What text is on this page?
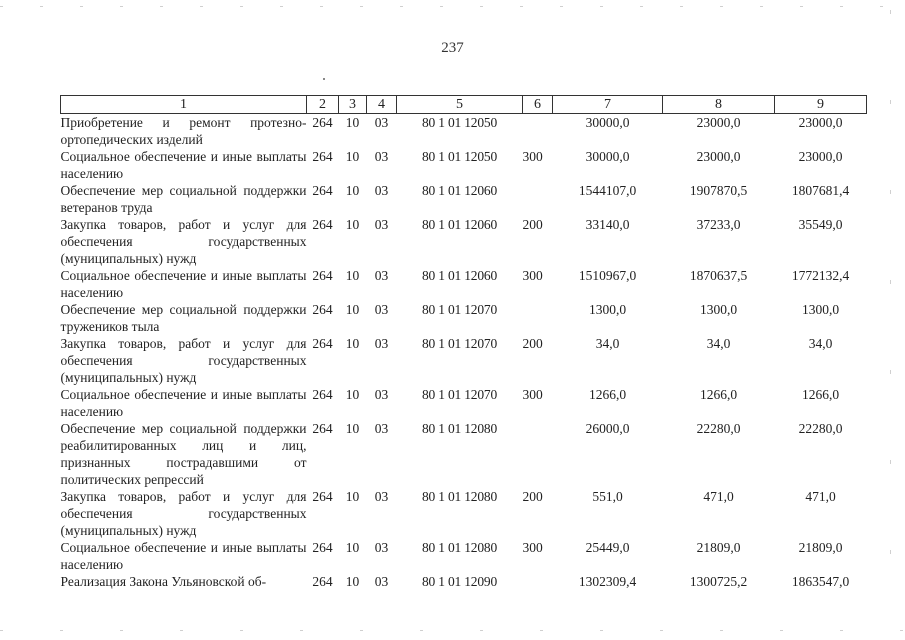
237
1	2	3	4	5	6	7	8	9
Приобретение и ремонт протезно-ортопедических изделий	264	10	03	80 1 01 12050		30000,0	23000,0	23000,0
Социальное обеспечение и иные выплаты населению	264	10	03	80 1 01 12050	300	30000,0	23000,0	23000,0
Обеспечение мер социальной поддержки ветеранов труда	264	10	03	80 1 01 12060		1544107,0	1907870,5	1807681,4
Закупка товаров, работ и услуг для обеспечения государственных (муниципальных) нужд	264	10	03	80 1 01 12060	200	33140,0	37233,0	35549,0
Социальное обеспечение и иные выплаты населению	264	10	03	80 1 01 12060	300	1510967,0	1870637,5	1772132,4
Обеспечение мер социальной поддержки тружеников тыла	264	10	03	80 1 01 12070		1300,0	1300,0	1300,0
Закупка товаров, работ и услуг для обеспечения государственных (муниципальных) нужд	264	10	03	80 1 01 12070	200	34,0	34,0	34,0
Социальное обеспечение и иные выплаты населению	264	10	03	80 1 01 12070	300	1266,0	1266,0	1266,0
Обеспечение мер социальной поддержки реабилитированных лиц и лиц, признанных пострадавшими от политических репрессий	264	10	03	80 1 01 12080		26000,0	22280,0	22280,0
Закупка товаров, работ и услуг для обеспечения государственных (муниципальных) нужд	264	10	03	80 1 01 12080	200	551,0	471,0	471,0
Социальное обеспечение и иные выплаты населению	264	10	03	80 1 01 12080	300	25449,0	21809,0	21809,0
Реализация Закона Ульяновской об-	264	10	03	80 1 01 12090		1302309,4	1300725,2	1863547,0
